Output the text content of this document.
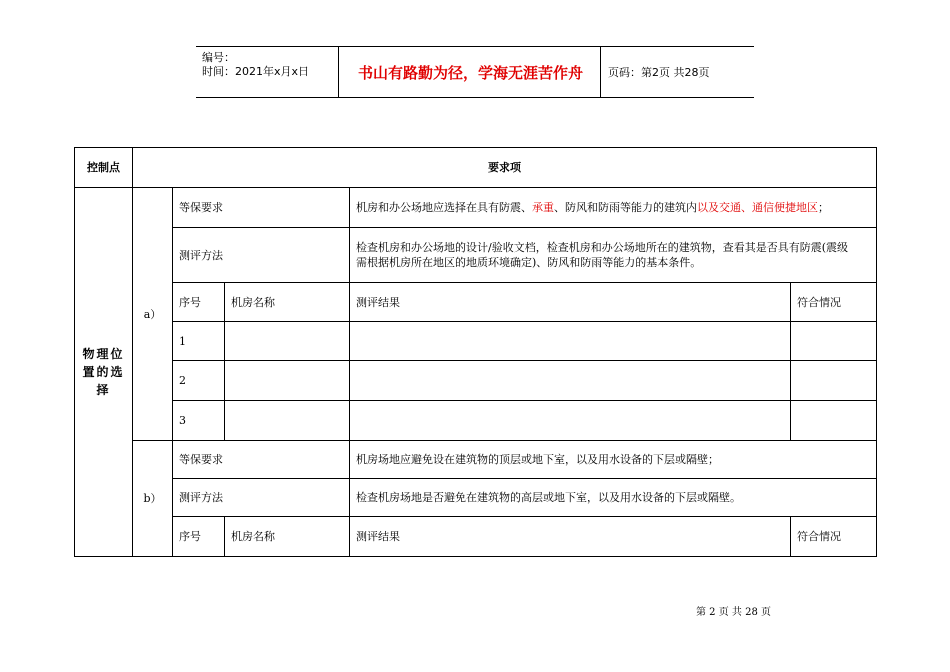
编号：
时间：2021年x月x日	书山有路勤为径，学海无涯苦作舟	页码：第2页 共28页
控制点	要求项				
物理位置的选择	a）	等保要求		机房和办公场地应选择在具有防震、承重、防风和防雨等能力的建筑内以及交通、通信便捷地区；	
		测评方法		检查机房和办公场地的设计/验收文档，检查机房和办公场地所在的建筑物，查看其是否具有防震(震级
需根据机房所在地区的地质环境确定)、防风和防雨等能力的基本条件。	

		序号	机房名称	测评结果	符合情况
		1			
		2			
		3			
	b）	等保要求		机房场地应避免设在建筑物的顶层或地下室，以及用水设备的下层或隔壁；	
		测评方法		检查机房场地是否避免在建筑物的高层或地下室，以及用水设备的下层或隔壁。	
		序号	机房名称	测评结果	符合情况
第 2 页 共 28 页
